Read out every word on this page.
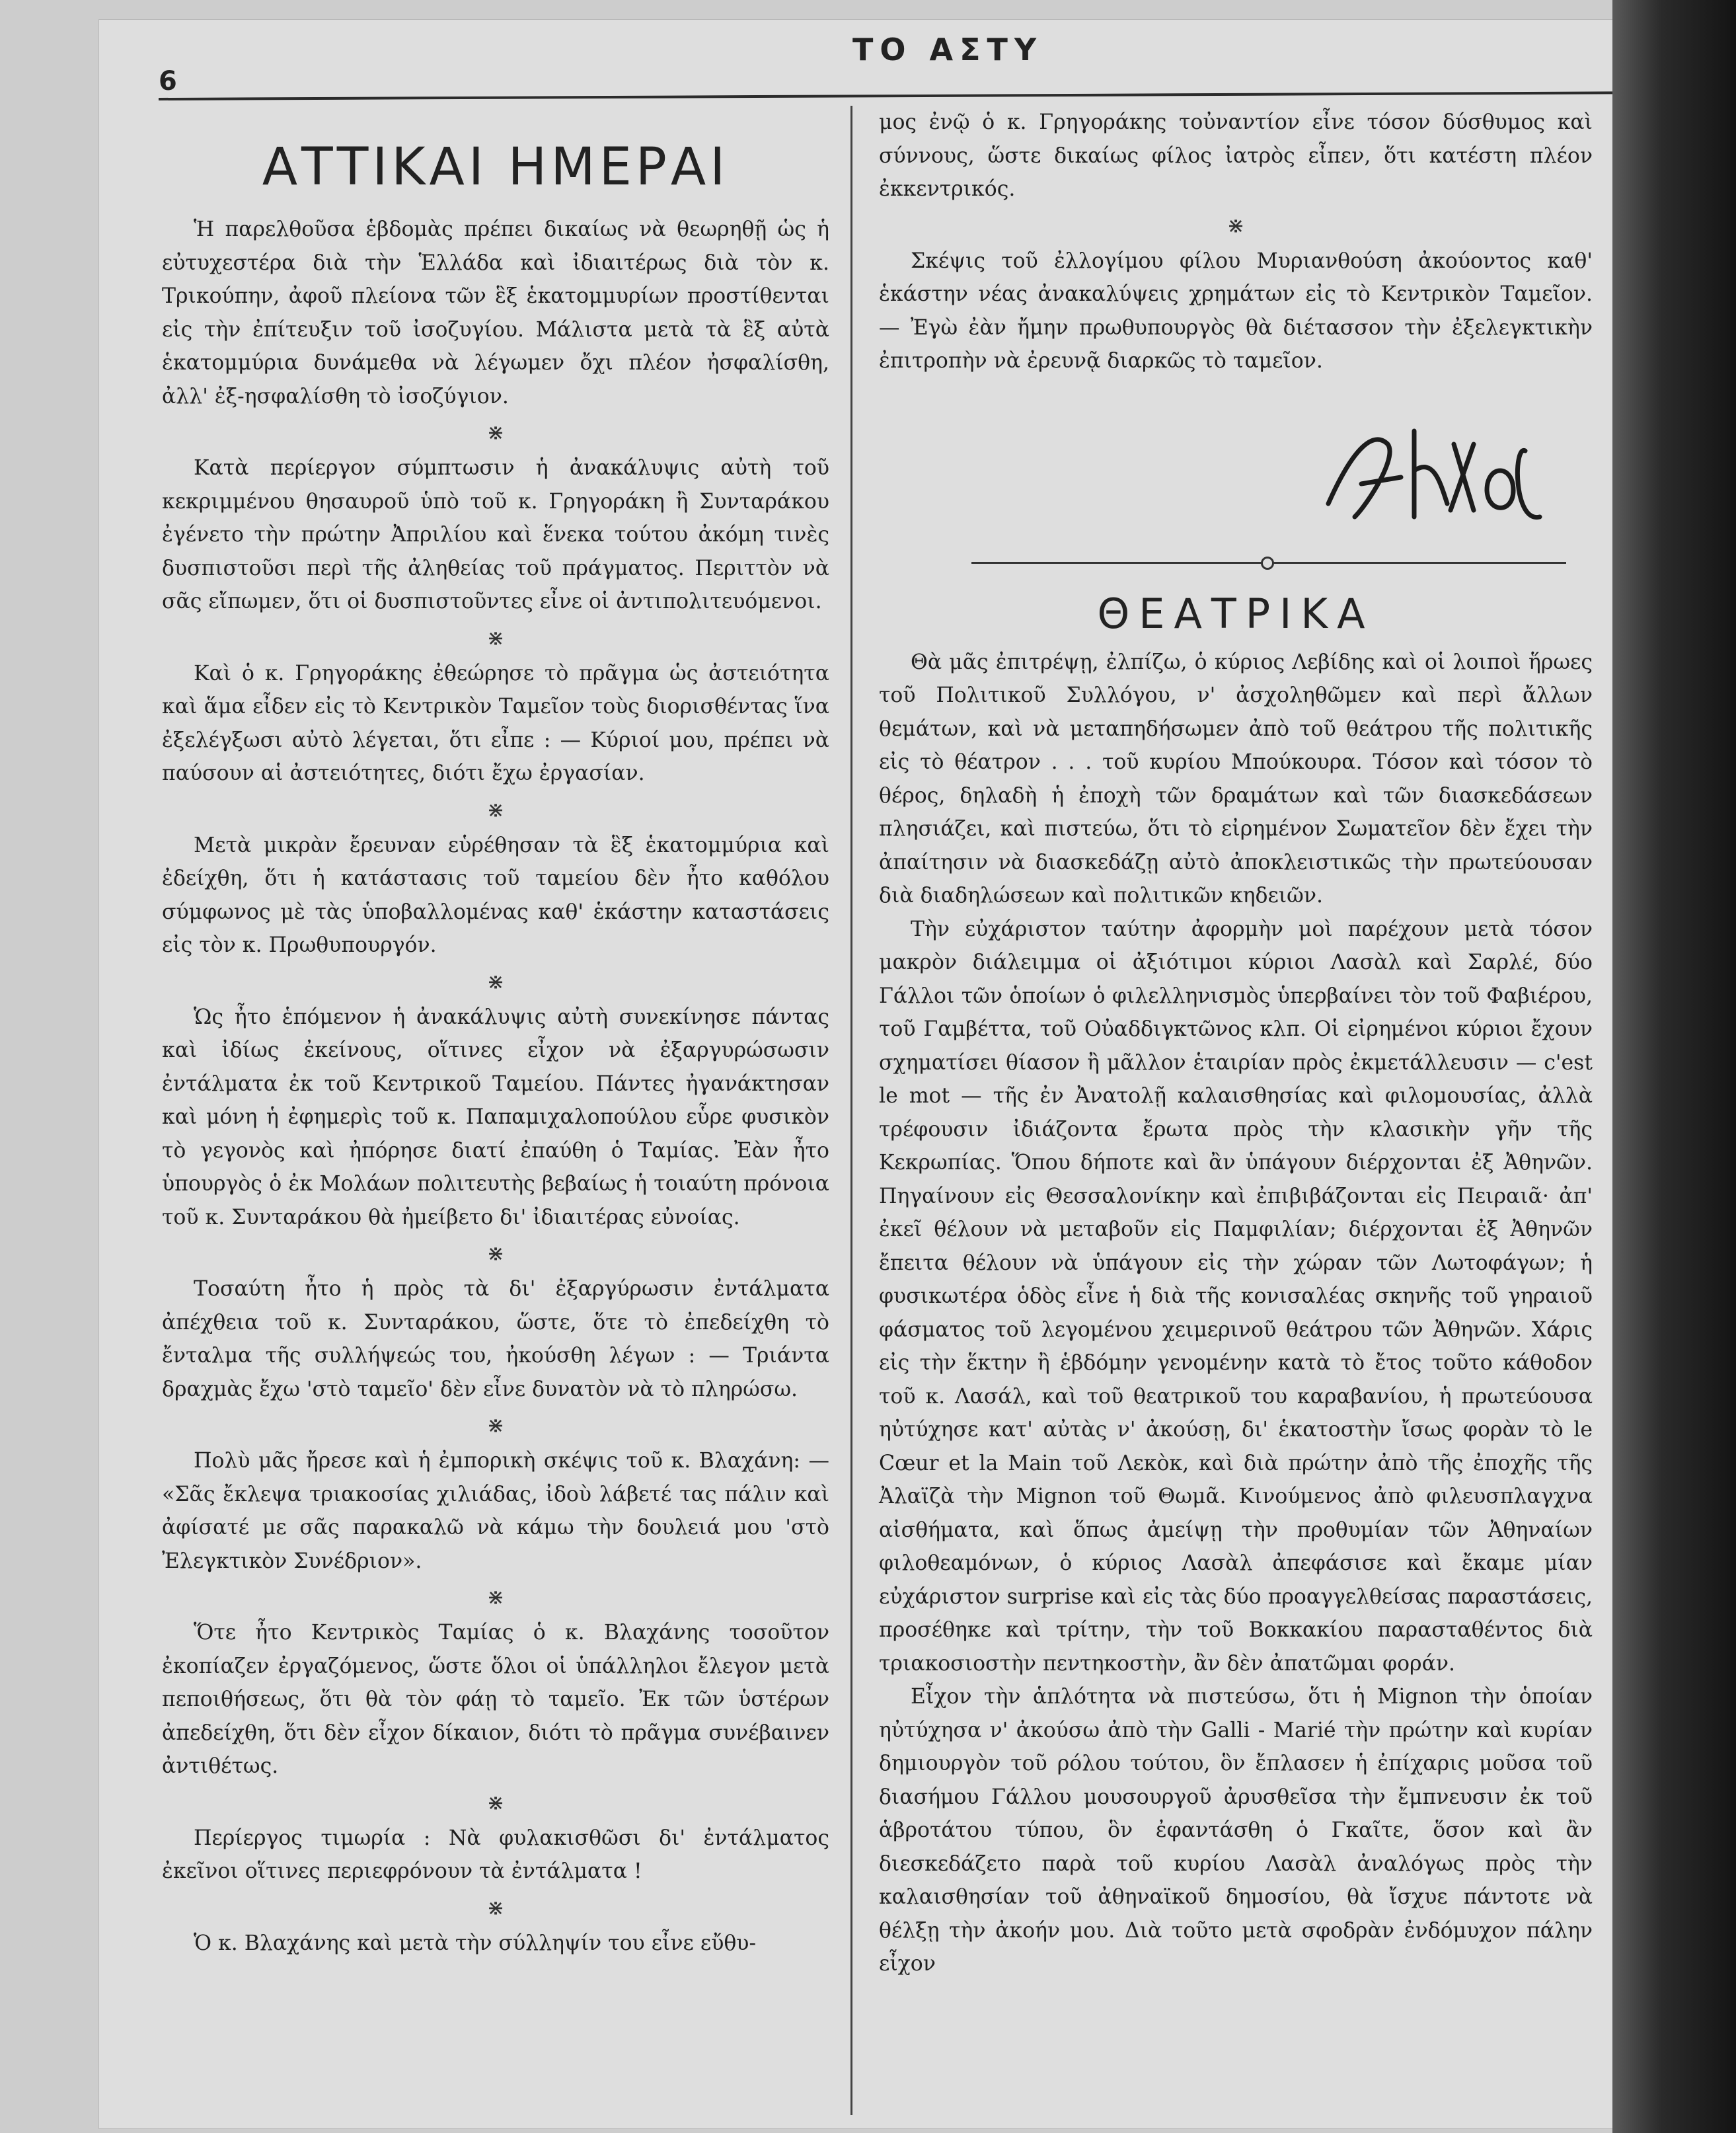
ΤΟ ΑΣΤΥ
6
ΑΤΤΙΚΑΙ ΗΜΕΡΑΙ

Ἡ παρελθοῦσα ἑβδομὰς πρέπει δικαίως νὰ θεωρηθῇ ὡς ἡ εὐτυχεστέρα διὰ τὴν Ἑλλάδα καὶ ἰδιαιτέρως διὰ τὸν κ. Τρικούπην, ἀφοῦ πλείονα τῶν ἓξ ἑκατομμυρίων προστίθενται εἰς τὴν ἐπίτευξιν τοῦ ἰσοζυγίου. Μάλιστα μετὰ τὰ ἓξ αὐτὰ ἑκατομμύρια δυνάμεθα νὰ λέγωμεν ὄχι πλέον ἠσφαλίσθη, ἀλλ' ἐξ-ησφαλίσθη τὸ ἰσοζύγιον.

⋇

Κατὰ περίεργον σύμπτωσιν ἡ ἀνακάλυψις αὐτὴ τοῦ κεκριμμένου θησαυροῦ ὑπὸ τοῦ κ. Γρηγοράκη ἢ Συνταράκου ἐγένετο τὴν πρώτην Ἀπριλίου καὶ ἕνεκα τούτου ἀκόμη τινὲς δυσπιστοῦσι περὶ τῆς ἀληθείας τοῦ πράγματος. Περιττὸν νὰ σᾶς εἴπωμεν, ὅτι οἱ δυσπιστοῦντες εἶνε οἱ ἀντιπολιτευόμενοι.

⋇

Καὶ ὁ κ. Γρηγοράκης ἐθεώρησε τὸ πρᾶγμα ὡς ἀστειότητα καὶ ἅμα εἶδεν εἰς τὸ Κεντρικὸν Ταμεῖον τοὺς διορισθέντας ἵνα ἐξελέγξωσι αὐτὸ λέγεται, ὅτι εἶπε : — Κύριοί μου, πρέπει νὰ παύσουν αἱ ἀστειότητες, διότι ἔχω ἐργασίαν.

⋇

Μετὰ μικρὰν ἔρευναν εὑρέθησαν τὰ ἓξ ἑκατομμύρια καὶ ἐδείχθη, ὅτι ἡ κατάστασις τοῦ ταμείου δὲν ἦτο καθόλου σύμφωνος μὲ τὰς ὑποβαλλομένας καθ' ἑκάστην καταστάσεις εἰς τὸν κ. Πρωθυπουργόν.

⋇

Ὡς ἦτο ἑπόμενον ἡ ἀνακάλυψις αὐτὴ συνεκίνησε πάντας καὶ ἰδίως ἐκείνους, οἵτινες εἶχον νὰ ἐξαργυρώσωσιν ἐντάλματα ἐκ τοῦ Κεντρικοῦ Ταμείου. Πάντες ἠγανάκτησαν καὶ μόνη ἡ ἐφημερὶς τοῦ κ. Παπαμιχαλοπούλου εὗρε φυσικὸν τὸ γεγονὸς καὶ ἠπόρησε διατί ἐπαύθη ὁ Ταμίας. Ἐὰν ἦτο ὑπουργὸς ὁ ἐκ Μολάων πολιτευτὴς βεβαίως ἡ τοιαύτη πρόνοια τοῦ κ. Συνταράκου θὰ ἠμείβετο δι' ἰδιαιτέρας εὐνοίας.

⋇

Τοσαύτη ἦτο ἡ πρὸς τὰ δι' ἐξαργύρωσιν ἐντάλματα ἀπέχθεια τοῦ κ. Συνταράκου, ὥστε, ὅτε τὸ ἐπεδείχθη τὸ ἔνταλμα τῆς συλλήψεώς του, ἠκούσθη λέγων : — Τριάντα δραχμὰς ἔχω 'στὸ ταμεῖο' δὲν εἶνε δυνατὸν νὰ τὸ πληρώσω.

⋇

Πολὺ μᾶς ἤρεσε καὶ ἡ ἐμπορικὴ σκέψις τοῦ κ. Βλαχάνη: — «Σᾶς ἔκλεψα τριακοσίας χιλιάδας, ἰδοὺ λάβετέ τας πάλιν καὶ ἀφίσατέ με σᾶς παρακαλῶ νὰ κάμω τὴν δουλειά μου 'στὸ Ἐλεγκτικὸν Συνέδριον».

⋇

Ὅτε ἦτο Κεντρικὸς Ταμίας ὁ κ. Βλαχάνης τοσοῦτον ἐκοπίαζεν ἐργαζόμενος, ὥστε ὅλοι οἱ ὑπάλληλοι ἔλεγον μετὰ πεποιθήσεως, ὅτι θὰ τὸν φάῃ τὸ ταμεῖο. Ἐκ τῶν ὑστέρων ἀπεδείχθη, ὅτι δὲν εἶχον δίκαιον, διότι τὸ πρᾶγμα συνέβαινεν ἀντιθέτως.

⋇

Περίεργος τιμωρία : Νὰ φυλακισθῶσι δι' ἐντάλματος ἐκεῖνοι οἵτινες περιεφρόνουν τὰ ἐντάλματα !

⋇

Ὁ κ. Βλαχάνης καὶ μετὰ τὴν σύλληψίν του εἶνε εὔθυ-

μος ἐνῷ ὁ κ. Γρηγοράκης τοὐναντίον εἶνε τόσον δύσθυμος καὶ σύννους, ὥστε δικαίως φίλος ἰατρὸς εἶπεν, ὅτι κατέστη πλέον ἐκκεντρικός.

⋇

Σκέψις τοῦ ἐλλογίμου φίλου Μυριανθούση ἀκούοντος καθ' ἑκάστην νέας ἀνακαλύψεις χρημάτων εἰς τὸ Κεντρικὸν Ταμεῖον. — Ἐγὼ ἐὰν ἤμην πρωθυπουργὸς θὰ διέτασσον τὴν ἐξελεγκτικὴν ἐπιτροπὴν νὰ ἐρευνᾷ διαρκῶς τὸ ταμεῖον.

ΘΕΑΤΡΙΚΑ

Θὰ μᾶς ἐπιτρέψῃ, ἐλπίζω, ὁ κύριος Λεβίδης καὶ οἱ λοιποὶ ἥρωες τοῦ Πολιτικοῦ Συλλόγου, ν' ἀσχοληθῶμεν καὶ περὶ ἄλλων θεμάτων, καὶ νὰ μεταπηδήσωμεν ἀπὸ τοῦ θεάτρου τῆς πολιτικῆς εἰς τὸ θέατρον . . . τοῦ κυρίου Μπούκουρα. Τόσον καὶ τόσον τὸ θέρος, δηλαδὴ ἡ ἐποχὴ τῶν δραμάτων καὶ τῶν διασκεδάσεων πλησιάζει, καὶ πιστεύω, ὅτι τὸ εἰρημένον Σωματεῖον δὲν ἔχει τὴν ἀπαίτησιν νὰ διασκεδάζῃ αὐτὸ ἀποκλειστικῶς τὴν πρωτεύουσαν διὰ διαδηλώσεων καὶ πολιτικῶν κηδειῶν.

Τὴν εὐχάριστον ταύτην ἀφορμὴν μοὶ παρέχουν μετὰ τόσον μακρὸν διάλειμμα οἱ ἀξιότιμοι κύριοι Λασὰλ καὶ Σαρλέ, δύο Γάλλοι τῶν ὁποίων ὁ φιλελληνισμὸς ὑπερβαίνει τὸν τοῦ Φαβιέρου, τοῦ Γαμβέττα, τοῦ Οὐαδδιγκτῶνος κλπ. Οἱ εἰρημένοι κύριοι ἔχουν σχηματίσει θίασον ἢ μᾶλλον ἑταιρίαν πρὸς ἐκμετάλλευσιν — c'est le mot — τῆς ἐν Ἀνατολῇ καλαισθησίας καὶ φιλομουσίας, ἀλλὰ τρέφουσιν ἰδιάζοντα ἔρωτα πρὸς τὴν κλασικὴν γῆν τῆς Κεκρωπίας. Ὅπου δήποτε καὶ ἂν ὑπάγουν διέρχονται ἐξ Ἀθηνῶν. Πηγαίνουν εἰς Θεσσαλονίκην καὶ ἐπιβιβάζονται εἰς Πειραιᾶ· ἀπ' ἐκεῖ θέλουν νὰ μεταβοῦν εἰς Παμφιλίαν; διέρχονται ἐξ Ἀθηνῶν ἔπειτα θέλουν νὰ ὑπάγουν εἰς τὴν χώραν τῶν Λωτοφάγων; ἡ φυσικωτέρα ὁδὸς εἶνε ἡ διὰ τῆς κονισαλέας σκηνῆς τοῦ γηραιοῦ φάσματος τοῦ λεγομένου χειμερινοῦ θεάτρου τῶν Ἀθηνῶν. Χάρις εἰς τὴν ἕκτην ἢ ἑβδόμην γενομένην κατὰ τὸ ἔτος τοῦτο κάθοδον τοῦ κ. Λασάλ, καὶ τοῦ θεατρικοῦ του καραβανίου, ἡ πρωτεύουσα ηὐτύχησε κατ' αὐτὰς ν' ἀκούσῃ, δι' ἑκατοστὴν ἴσως φορὰν τὸ le Cœur et la Main τοῦ Λεκὸκ, καὶ διὰ πρώτην ἀπὸ τῆς ἐποχῆς τῆς Ἀλαϊζὰ τὴν Mignon τοῦ Θωμᾶ. Κινούμενος ἀπὸ φιλευσπλαγχνα αἰσθήματα, καὶ ὅπως ἀμείψῃ τὴν προθυμίαν τῶν Ἀθηναίων φιλοθεαμόνων, ὁ κύριος Λασὰλ ἀπεφάσισε καὶ ἔκαμε μίαν εὐχάριστον surprise καὶ εἰς τὰς δύο προαγγελθείσας παραστάσεις, προσέθηκε καὶ τρίτην, τὴν τοῦ Βοκκακίου παρασταθέντος διὰ τριακοσιοστὴν πεντηκοστὴν, ἂν δὲν ἀπατῶμαι φοράν.

Εἶχον τὴν ἁπλότητα νὰ πιστεύσω, ὅτι ἡ Mignon τὴν ὁποίαν ηὐτύχησα ν' ἀκούσω ἀπὸ τὴν Galli - Marié τὴν πρώτην καὶ κυρίαν δημιουργὸν τοῦ ρόλου τούτου, ὃν ἔπλασεν ἡ ἐπίχαρις μοῦσα τοῦ διασήμου Γάλλου μουσουργοῦ ἀρυσθεῖσα τὴν ἔμπνευσιν ἐκ τοῦ ἁβροτάτου τύπου, ὃν ἐφαντάσθη ὁ Γκαῖτε, ὅσον καὶ ἂν διεσκεδάζετο παρὰ τοῦ κυρίου Λασὰλ ἀναλόγως πρὸς τὴν καλαισθησίαν τοῦ ἀθηναϊκοῦ δημοσίου, θὰ ἴσχυε πάντοτε νὰ θέλξῃ τὴν ἀκοήν μου. Διὰ τοῦτο μετὰ σφοδρὰν ἐνδόμυχον πάλην εἶχον
